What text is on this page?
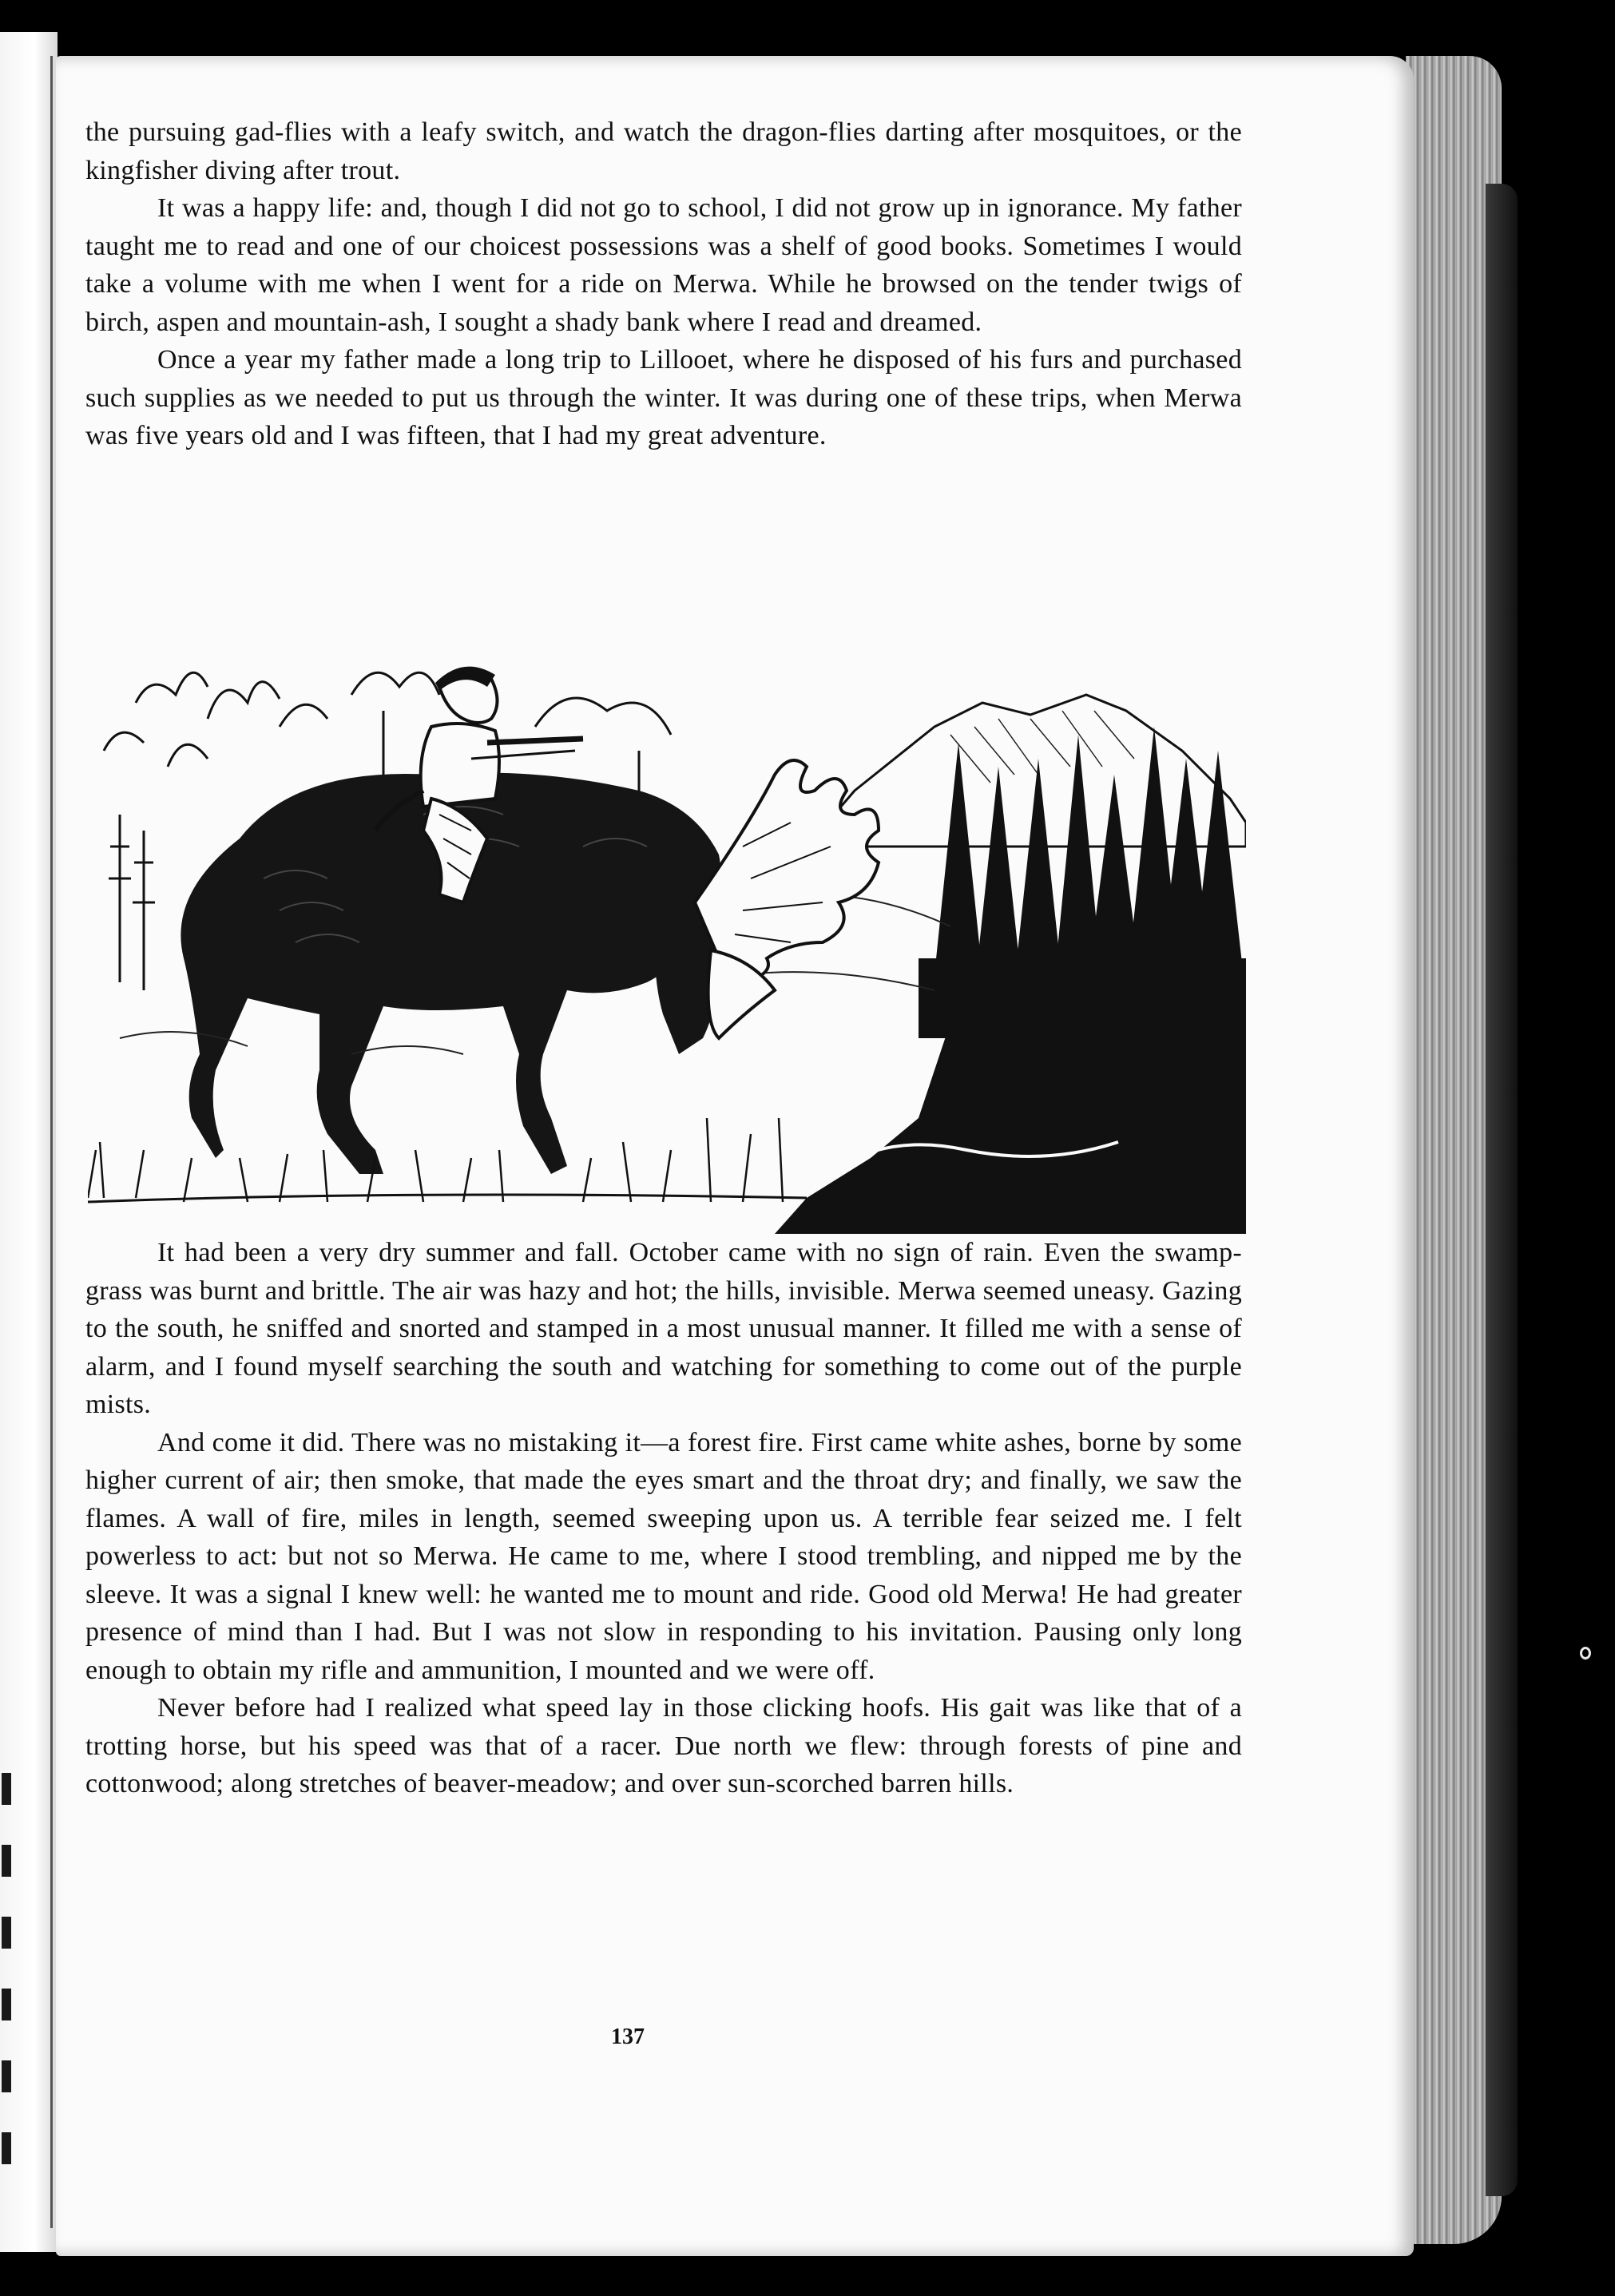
the pursuing gad-flies with a leafy switch, and watch the dragon-flies darting after mosquitoes, or the kingfisher diving after trout.

It was a happy life: and, though I did not go to school, I did not grow up in ignorance. My father taught me to read and one of our choicest possessions was a shelf of good books. Sometimes I would take a volume with me when I went for a ride on Merwa. While he browsed on the tender twigs of birch, aspen and mountain-ash, I sought a shady bank where I read and dreamed.

Once a year my father made a long trip to Lillooet, where he disposed of his furs and purchased such supplies as we needed to put us through the winter. It was during one of these trips, when Merwa was five years old and I was fifteen, that I had my great adventure.

It had been a very dry summer and fall. October came with no sign of rain. Even the swamp-grass was burnt and brittle. The air was hazy and hot; the hills, invisible. Merwa seemed uneasy. Gazing to the south, he sniffed and snorted and stamped in a most unusual manner. It filled me with a sense of alarm, and I found myself searching the south and watching for something to come out of the purple mists.

And come it did. There was no mistaking it—a forest fire. First came white ashes, borne by some higher current of air; then smoke, that made the eyes smart and the throat dry; and finally, we saw the flames. A wall of fire, miles in length, seemed sweeping upon us. A terrible fear seized me. I felt powerless to act: but not so Merwa. He came to me, where I stood trembling, and nipped me by the sleeve. It was a signal I knew well: he wanted me to mount and ride. Good old Merwa! He had greater presence of mind than I had. But I was not slow in responding to his invitation. Pausing only long enough to obtain my rifle and ammunition, I mounted and we were off.

Never before had I realized what speed lay in those clicking hoofs. His gait was like that of a trotting horse, but his speed was that of a racer. Due north we flew: through forests of pine and cottonwood; along stretches of beaver-meadow; and over sun-scorched barren hills.

137
